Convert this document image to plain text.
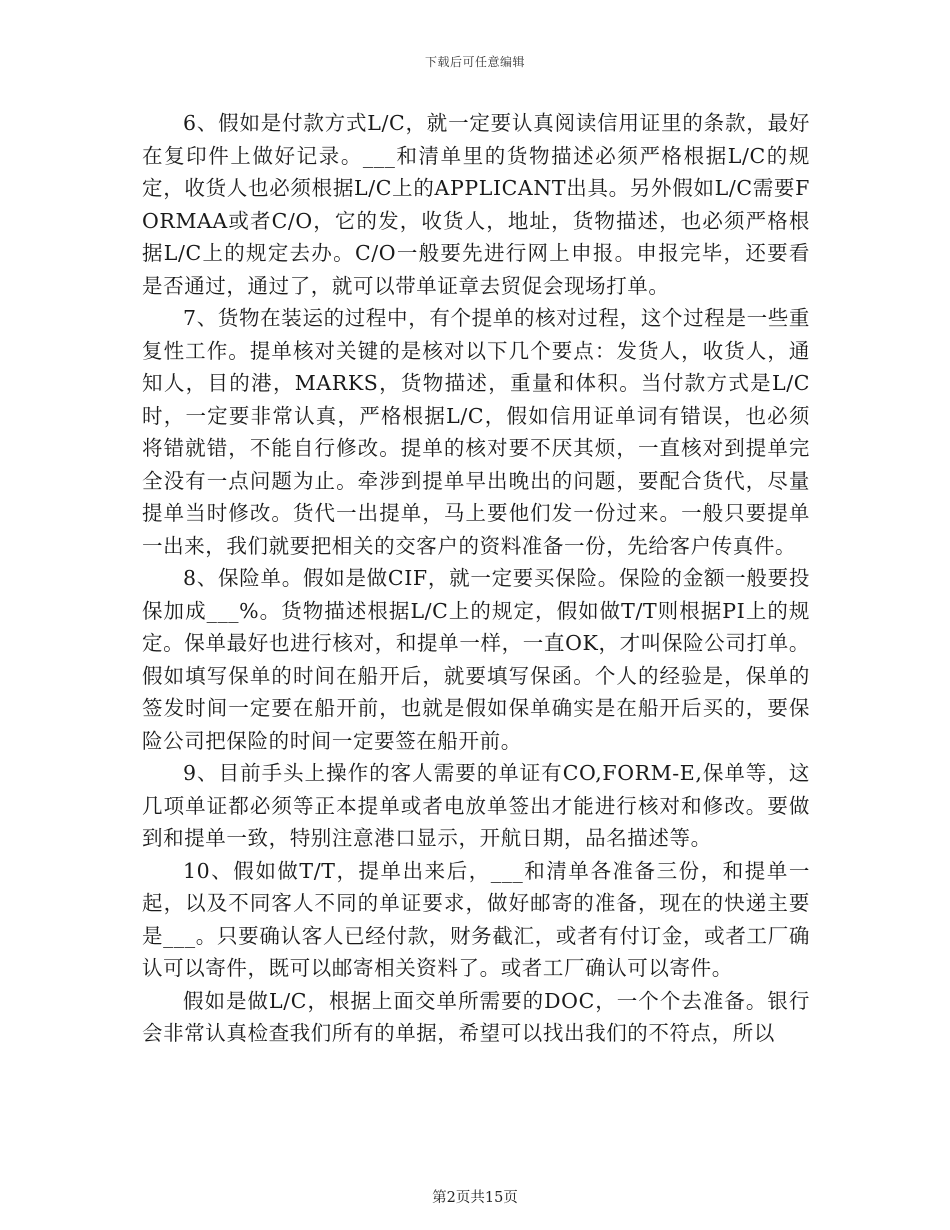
下载后可任意编辑

6、假如是付款方式L/C，就一定要认真阅读信用证里的条款，最好在复印件上做好记录。___和清单里的货物描述必须严格根据L/C的规定，收货人也必须根据L/C上的APPLICANT出具。另外假如L/C需要FORMAA或者C/O，它的发，收货人，地址，货物描述，也必须严格根据L/C上的规定去办。C/O一般要先进行网上申报。申报完毕，还要看是否通过，通过了，就可以带单证章去贸促会现场打单。

7、货物在装运的过程中，有个提单的核对过程，这个过程是一些重复性工作。提单核对关键的是核对以下几个要点：发货人，收货人，通知人，目的港，MARKS，货物描述，重量和体积。当付款方式是L/C时，一定要非常认真，严格根据L/C，假如信用证单词有错误，也必须将错就错，不能自行修改。提单的核对要不厌其烦，一直核对到提单完全没有一点问题为止。牵涉到提单早出晚出的问题，要配合货代，尽量提单当时修改。货代一出提单，马上要他们发一份过来。一般只要提单一出来，我们就要把相关的交客户的资料准备一份，先给客户传真件。

8、保险单。假如是做CIF，就一定要买保险。保险的金额一般要投保加成___%。货物描述根据L/C上的规定，假如做T/T则根据PI上的规定。保单最好也进行核对，和提单一样，一直OK，才叫保险公司打单。假如填写保单的时间在船开后，就要填写保函。个人的经验是，保单的签发时间一定要在船开前，也就是假如保单确实是在船开后买的，要保险公司把保险的时间一定要签在船开前。

9、目前手头上操作的客人需要的单证有CO,FORM-E,保单等，这几项单证都必须等正本提单或者电放单签出才能进行核对和修改。要做到和提单一致，特别注意港口显示，开航日期，品名描述等。

10、假如做T/T，提单出来后，___和清单各准备三份，和提单一起，以及不同客人不同的单证要求，做好邮寄的准备，现在的快递主要是___。只要确认客人已经付款，财务截汇，或者有付订金，或者工厂确认可以寄件，既可以邮寄相关资料了。或者工厂确认可以寄件。

假如是做L/C，根据上面交单所需要的DOC，一个个去准备。银行会非常认真检查我们所有的单据，希望可以找出我们的不符点，所以

第2页共15页
